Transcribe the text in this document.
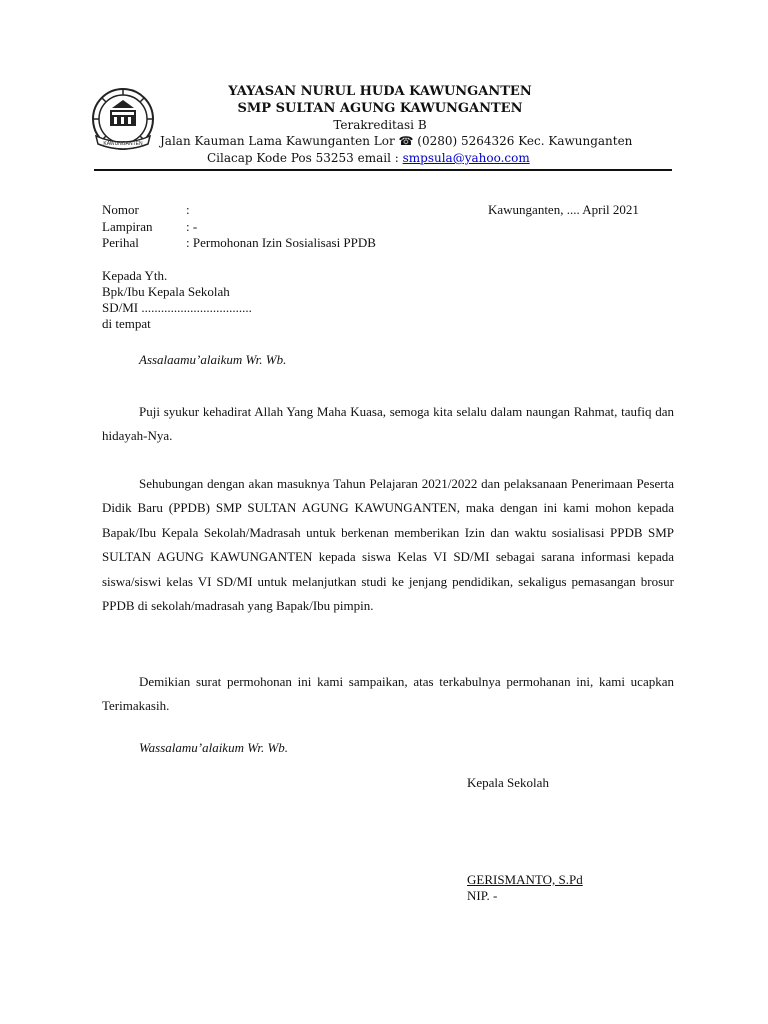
KAWUNGANTEN
YAYASAN NURUL HUDA KAWUNGANTEN
SMP SULTAN AGUNG KAWUNGANTEN
Terakreditasi B
Jalan Kauman Lama Kawunganten Lor ☎ (0280) 5264326 Kec. Kawunganten
Cilacap Kode Pos 53253 email : smpsula@yahoo.com
Nomor	:	Kawunganten, .... April 2021
Lampiran	: -
Perihal	: Permohonan Izin Sosialisasi PPDB
Kepada Yth.
Bpk/Ibu Kepala Sekolah
SD/MI ..................................
di tempat
Assalaamu’alaikum Wr. Wb.

Puji syukur kehadirat Allah Yang Maha Kuasa, semoga kita selalu dalam naungan Rahmat, taufiq dan hidayah-Nya.

Sehubungan dengan akan masuknya Tahun Pelajaran 2021/2022 dan pelaksanaan Penerimaan Peserta Didik Baru (PPDB) SMP SULTAN AGUNG KAWUNGANTEN, maka dengan ini kami mohon kepada Bapak/Ibu Kepala Sekolah/Madrasah untuk berkenan memberikan Izin dan waktu sosialisasi PPDB SMP SULTAN AGUNG KAWUNGANTEN kepada siswa Kelas VI SD/MI sebagai sarana informasi kepada siswa/siswi kelas VI SD/MI untuk melanjutkan studi ke jenjang pendidikan, sekaligus pemasangan brosur PPDB di sekolah/madrasah yang Bapak/Ibu pimpin.

Demikian surat permohonan ini kami sampaikan, atas terkabulnya permohanan ini, kami ucapkan Terimakasih.

Wassalamu’alaikum Wr. Wb.
Kepala Sekolah
GERISMANTO, S.Pd
NIP. -
